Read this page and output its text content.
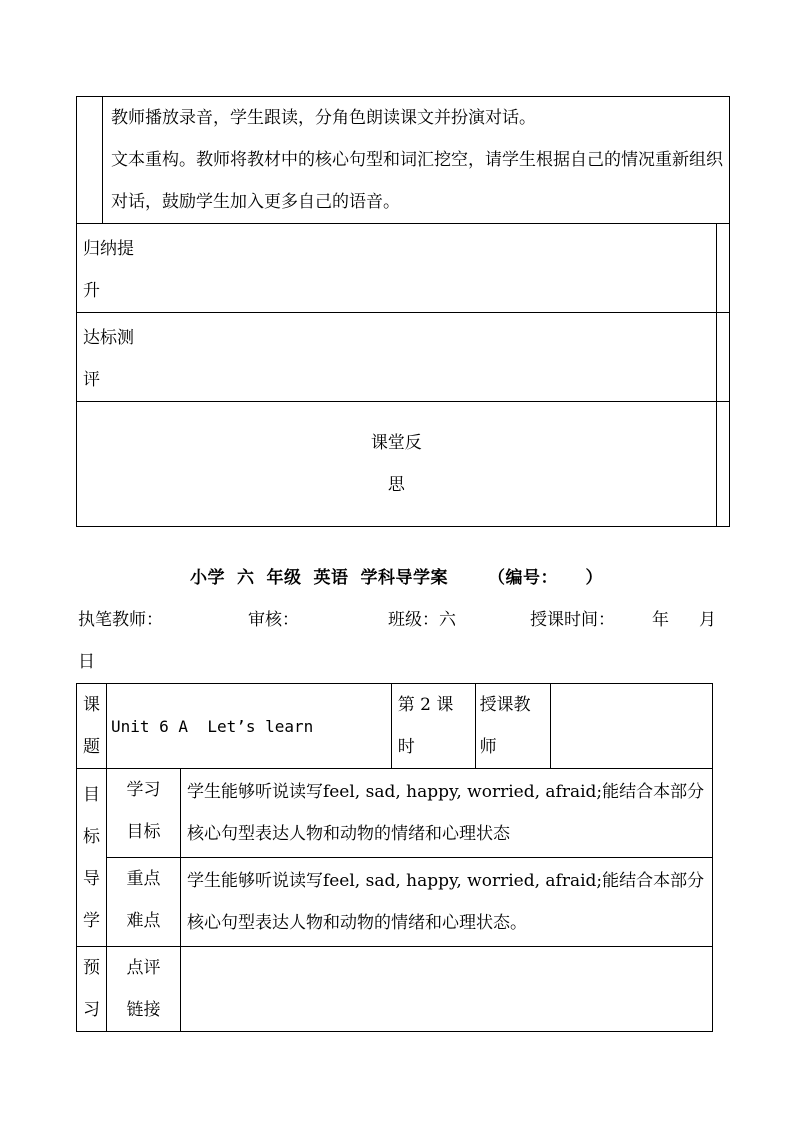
	教师播放录音，学生跟读，分角色朗读课文并扮演对话。
文本重构。教师将教材中的核心句型和词汇挖空，请学生根据自己的情况重新组织对话，鼓励学生加入更多自己的语音。	

归纳提
升		

达标测
评		

课堂反
思		

小学 六 年级 英语 学科导学案 （编号： ）
执笔教师：	审核：	班级：六	授课时间： 年 月
日
课题	Unit 6 A  Let’s learn		第 2 课时	授课教师	
目标导学	学习目标	学生能够听说读写feel, sad, happy, worried, afraid;能结合本部分核心句型表达人物和动物的情绪和心理状态			
	重点难点	学生能够听说读写feel, sad, happy, worried, afraid;能结合本部分核心句型表达人物和动物的情绪和心理状态。			
预习	点评链接				
